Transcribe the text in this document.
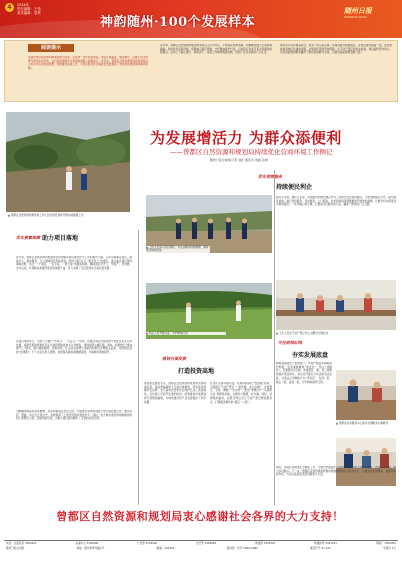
4	2024年
责任编辑：王伟
美术编辑：袁昊
神韵随州·100个发展样本
随州日报
SUIZHOU DAILY
阅读提示
在随州市自然资源和规划局的大院里，有这样一支年轻的团队，他们扎根基层、服务群众，以敢于担当的勇气和务实的作风，在自然资源保护与利用的道路上砥砺前行。近年来，曾都区自然资源和规划局坚持以人民为中心的发展思想，统筹推进各项工作，为全区经济社会高质量发展提供了坚实的资源保障和服务保障。
近年来，曾都区自然资源和规划局坚持以人民为中心，不断深化改革创新，积极推进国土空间规划编制，持续优化营商环境，保障重点项目用地，守牢耕地保护红线，以实际行动书写着为民服务的新篇章。全局上下凝心聚力、真抓实干，各项工作取得明显成效，得到了社会各界的广泛认可。
他们用行动诠释着担当，用实干书写着忠诚。在服务群众的最前沿，在项目建设的第一线，处处都能看到他们忙碌的身影。从规划引领到用地保障，从不动产登记到执法监察，他们始终坚守初心，以优质高效的服务赢得了群众的信赖与支持，为建设美丽曾都贡献力量。
为发展增活力 为群众添便利
——曾都区自然资源和规划局持续优化营商环境工作侧记
随州日报全媒体记者 刘洋 通讯员 周涵 张晓
▲ 曾都区自然资源和规划局工作人员在项目现场开展实地勘察工作
优化要素保障 助力项目落地
近年来，曾都区自然资源和规划局坚持把服务项目建设作为工作的重中之重，主动对接重点项目，提前介入、靠前服务，全力保障项目用地需求。坚持“项目为王、服务至上”的理念，建立重点项目用地保障台账，实行“一个项目、一名专班、一套方案”的服务机制，确保项目早开工、早投产、早见效。去年以来，共保障各类建设项目用地数千亩，有力支撑了全区经济社会高质量发展。
在项目审批环节，该局大力推行“多审合一、多证合一”改革，将建设项目用地预审与选址意见书合并办理，将建设用地规划许可证与建设用地批准书合并核发，审批时限大幅压缩。同时，积极推行“拿地即开工”模式，通过提前辅导、并联审批，让企业在取得土地的同时即可办理相关证照，实现项目落地“加速跑”。不少企业负责人感慨，审批服务越来越便捷高效，办事效率明显提升。
为破解用地指标紧张难题，该局积极盘活存量土地，开展批而未供和闲置土地专项处置行动，通过收回、置换、协议出让等方式，有效提高了土地节约集约利用水平。同时，加大城乡建设用地增减挂钩和土地整治力度，拓展用地空间，为重大项目建设腾出了宝贵的发展空间。
▲ 工作人员深入项目现场，为企业解决用地难题，确保项目顺利落地
▲ 执法人员开展巡查，守护耕地红线
规划引领发展
打造投资高地
规划是发展的龙头。曾都区自然资源和规划局坚持规划引领，高标准编制国土空间总体规划，科学划定城镇开发边界、永久基本农田和生态保护红线三条控制线，优化国土空间开发保护格局。统筹推进详细规划和专项规划编制，为城市建设和产业发展提供了科学依据。
在优化营商环境方面，该局持续深化“放管服”改革，全面推行不动产登记“一窗受理、并行办理”，实现登记、交易、缴税“一次办好”。推出“带押过户”“交房即交证”等便民举措，让群众少跑腿、好办事。同时，延伸服务触角，在银行网点设立不动产登记便民服务点，打通服务群众的“最后一公里”。
优化营商服务
持续便民利企
服务无止境，便民无止步。该局始终把群众满意作为工作的出发点和落脚点，不断创新服务方式，提升服务质效。推行预约服务、延时服务、上门服务，为老弱病残等特殊群体开辟绿色通道，让群众切实感受到办事的温度。一件件暖心的小事，汇聚成为民服务的大爱，赢得了群众的广泛点赞。
▲ 工作人员在不动产登记中心为群众办理业务
守住底线红线
夯实发展底盘
耕地是粮食生产的命根子。该局严格落实耕地保护制度，坚决遏制耕地“非农化”、防止“非粮化”，全面落实田长制，构建起区、镇、村三级耕地保护责任体系。常态化开展卫片执法和动态巡查，对违法占用耕地行为“零容忍”，发现一起、制止一起、查处一起，守牢耕地保护红线。
▲ 曾都区政务服务中心窗口热情服务办事群众
同时，该局扎实推进生态修复工作，开展历史遗留矿山治理，推进全域土地综合整治，改善生态环境，助力乡村振兴。下一步，曾都区自然资源和规划局将继续坚持以人民为中心，以更加优质的服务、更加务实的作风，为全区高质量发展贡献更大力量。
曾都区自然资源和规划局衷心感谢社会各界的大力支持！
电话：总值班室 3309421	采编中心 3302896	广告部 3304000	发行部 3302681	网络部 3322081	新媒体部 3321051	印刷厂 3302052
随州日报社出版	地址：随州市青年路1号	邮编：441300	国内统一刊号 CN42-0080	邮发代号 37-120	零售价 1元
